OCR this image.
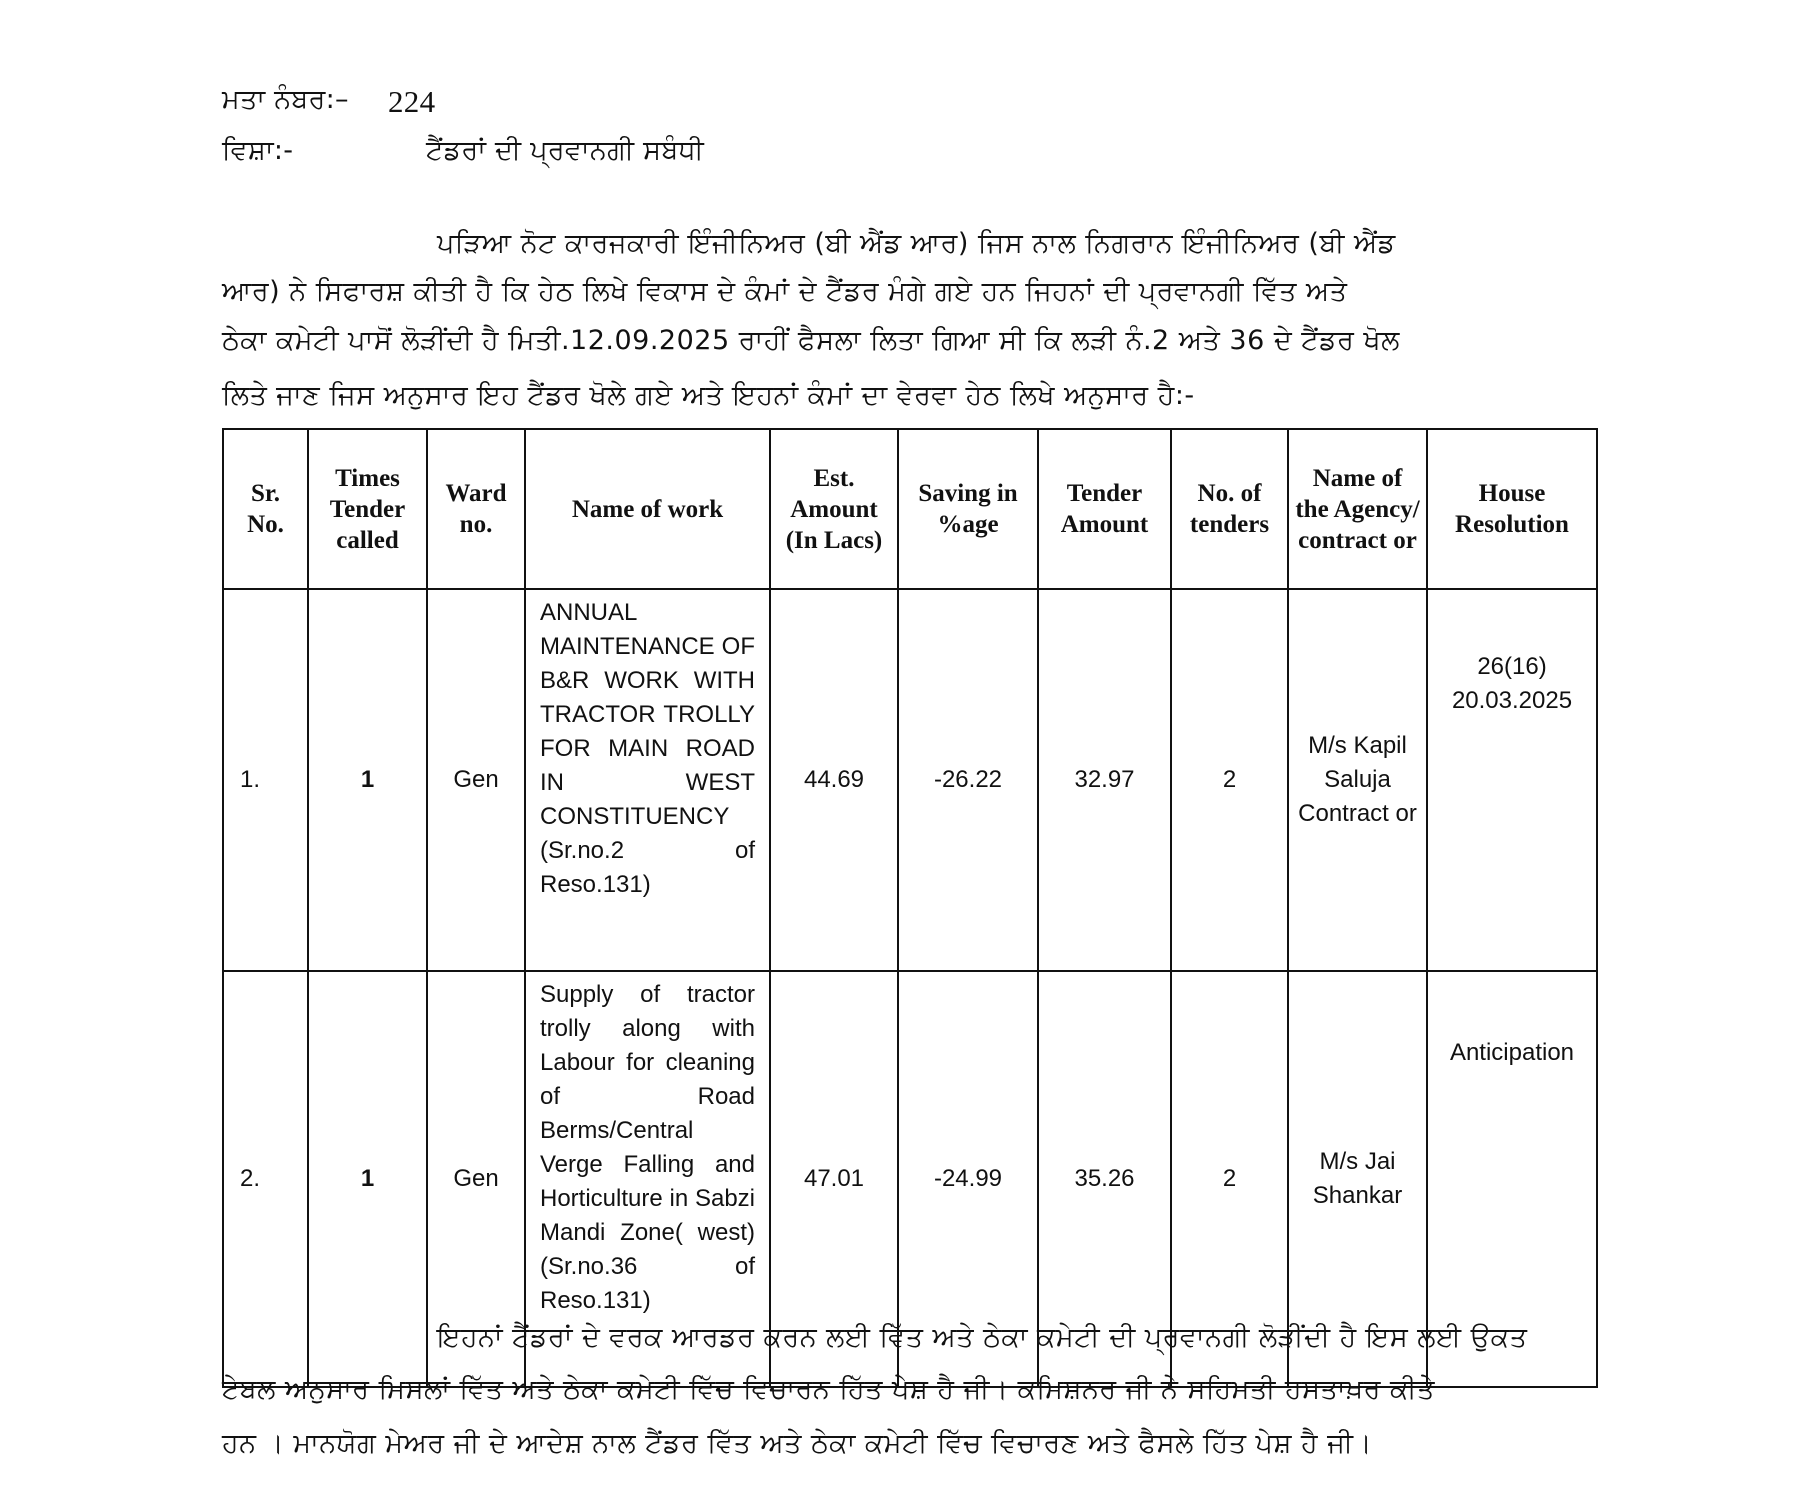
ਮਤਾ ਨੰਬਰ:– 224
ਵਿਸ਼ਾ:-	ਟੈਂਡਰਾਂ ਦੀ ਪ੍ਰਵਾਨਗੀ ਸਬੰਧੀ
ਪੜਿਆ ਨੋਟ ਕਾਰਜਕਾਰੀ ਇੰਜੀਨਿਅਰ (ਬੀ ਐਂਡ ਆਰ) ਜਿਸ ਨਾਲ ਨਿਗਰਾਨ ਇੰਜੀਨਿਅਰ (ਬੀ ਐਂਡ
ਆਰ) ਨੇ ਸਿਫਾਰਸ਼ ਕੀਤੀ ਹੈ ਕਿ ਹੇਠ ਲਿਖੇ ਵਿਕਾਸ ਦੇ ਕੰਮਾਂ ਦੇ ਟੈਂਡਰ ਮੰਗੇ ਗਏ ਹਨ ਜਿਹਨਾਂ ਦੀ ਪ੍ਰਵਾਨਗੀ ਵਿੱਤ ਅਤੇ
ਠੇਕਾ ਕਮੇਟੀ ਪਾਸੋਂ ਲੋੜੀਂਦੀ ਹੈ ਮਿਤੀ.12.09.2025 ਰਾਹੀਂ ਫੈਸਲਾ ਲਿਤਾ ਗਿਆ ਸੀ ਕਿ ਲੜੀ ਨੰ.2 ਅਤੇ 36 ਦੇ ਟੈਂਡਰ ਖੋਲ
ਲਿਤੇ ਜਾਣ ਜਿਸ ਅਨੁਸਾਰ ਇਹ ਟੈਂਡਰ ਖੋਲੇ ਗਏ ਅਤੇ ਇਹਨਾਂ ਕੰਮਾਂ ਦਾ ਵੇਰਵਾ ਹੇਠ ਲਿਖੇ ਅਨੁਸਾਰ ਹੈ:-
Sr. No.	Times Tender called	Ward no.	Name of work	Est. Amount (In Lacs)	Saving in %age	Tender Amount	No. of tenders	Name of the Agency/ contract or	House Resolution
1.	1	Gen	ANNUAL MAINTENANCE OF B&R WORK WITH TRACTOR TROLLY FOR MAIN ROAD IN WEST CONSTITUENCY (Sr.no.2 of Reso.131)	44.69	-26.22	32.97	2	M/s Kapil Saluja Contract or	26(16)
20.03.2025

2.	1	Gen	Supply of tractor trolly along with Labour for cleaning of Road Berms/Central Verge Falling and Horticulture in Sabzi Mandi Zone( west) (Sr.no.36 of Reso.131)	47.01	-24.99	35.26	2	M/s Jai Shankar	Anticipation
ਇਹਨਾਂ ਟੈਂਡਰਾਂ ਦੇ ਵਰਕ ਆਰਡਰ ਕਰਨ ਲਈ ਵਿੱਤ ਅਤੇ ਠੇਕਾ ਕਮੇਟੀ ਦੀ ਪ੍ਰਵਾਨਗੀ ਲੋੜੀਂਦੀ ਹੈ ਇਸ ਲਈ ਉਕਤ
ਟੇਬਲ ਅਨੁਸਾਰ ਮਿਸਲਾਂ ਵਿੱਤ ਅਤੇ ਠੇਕਾ ਕਮੇਟੀ ਵਿੱਚ ਵਿਚਾਰਨ ਹਿੱਤ ਪੇਸ਼ ਹੈ ਜੀ। ਕਮਿਸ਼ਨਰ ਜੀ ਨੇ ਸਹਿਮਤੀ ਹਸਤਾਖ਼ਰ ਕੀਤੇ
ਹਨ । ਮਾਨਯੋਗ ਮੇਅਰ ਜੀ ਦੇ ਆਦੇਸ਼ ਨਾਲ ਟੈਂਡਰ ਵਿੱਤ ਅਤੇ ਠੇਕਾ ਕਮੇਟੀ ਵਿੱਚ ਵਿਚਾਰਣ ਅਤੇ ਫੈਸਲੇ ਹਿੱਤ ਪੇਸ਼ ਹੈ ਜੀ।
